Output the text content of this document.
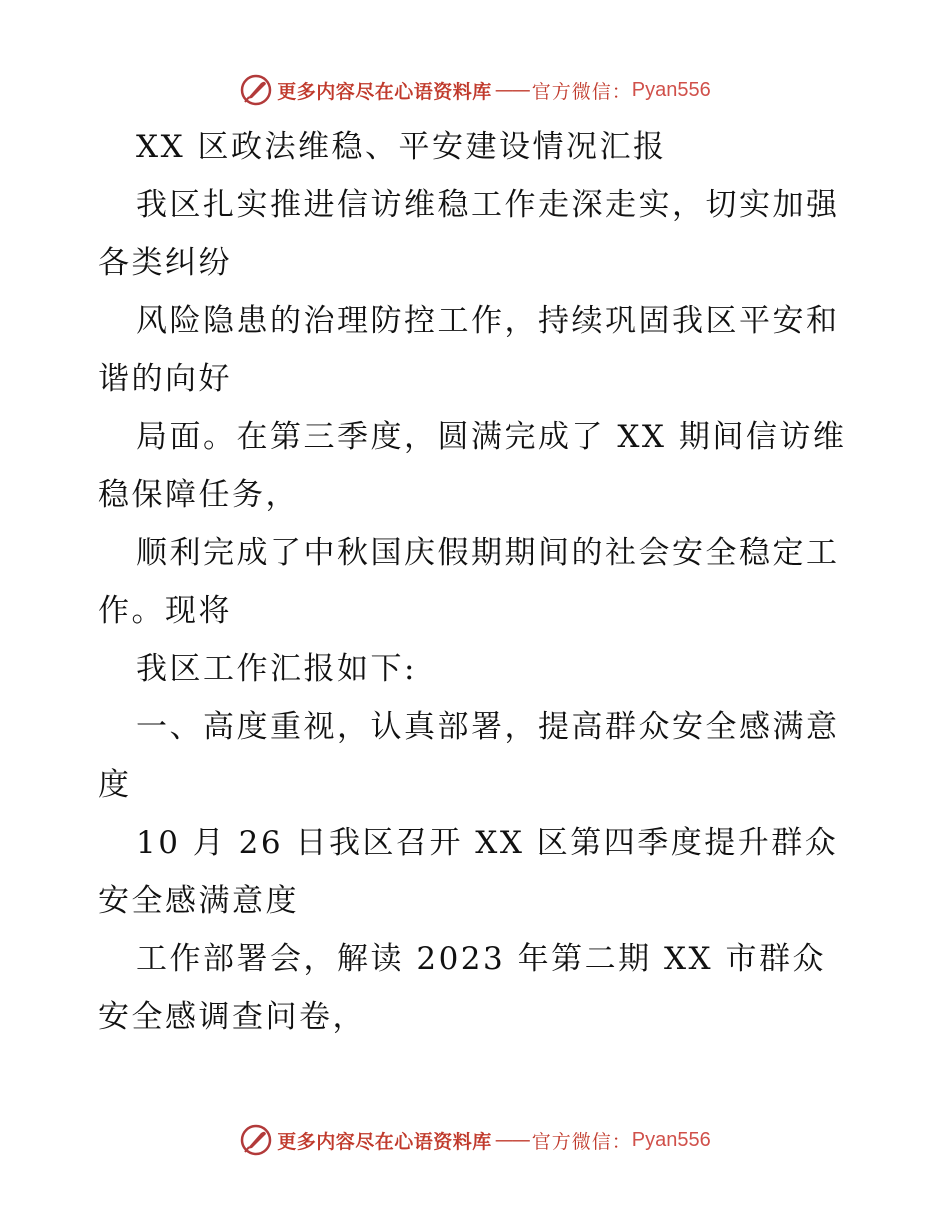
更多内容尽在心语资料库 —— 官方微信： Pyan556

XX 区政法维稳、平安建设情况汇报

我区扎实推进信访维稳工作走深走实，切实加强各类纠纷

风险隐患的治理防控工作，持续巩固我区平安和谐的向好

局面。在第三季度，圆满完成了 XX 期间信访维稳保障任务，

顺利完成了中秋国庆假期期间的社会安全稳定工作。现将

我区工作汇报如下:

一、高度重视，认真部署，提高群众安全感满意度

10 月 26 日我区召开 XX 区第四季度提升群众安全感满意度

工作部署会，解读 2023 年第二期 XX 市群众安全感调查问卷，

更多内容尽在心语资料库 —— 官方微信： Pyan556
